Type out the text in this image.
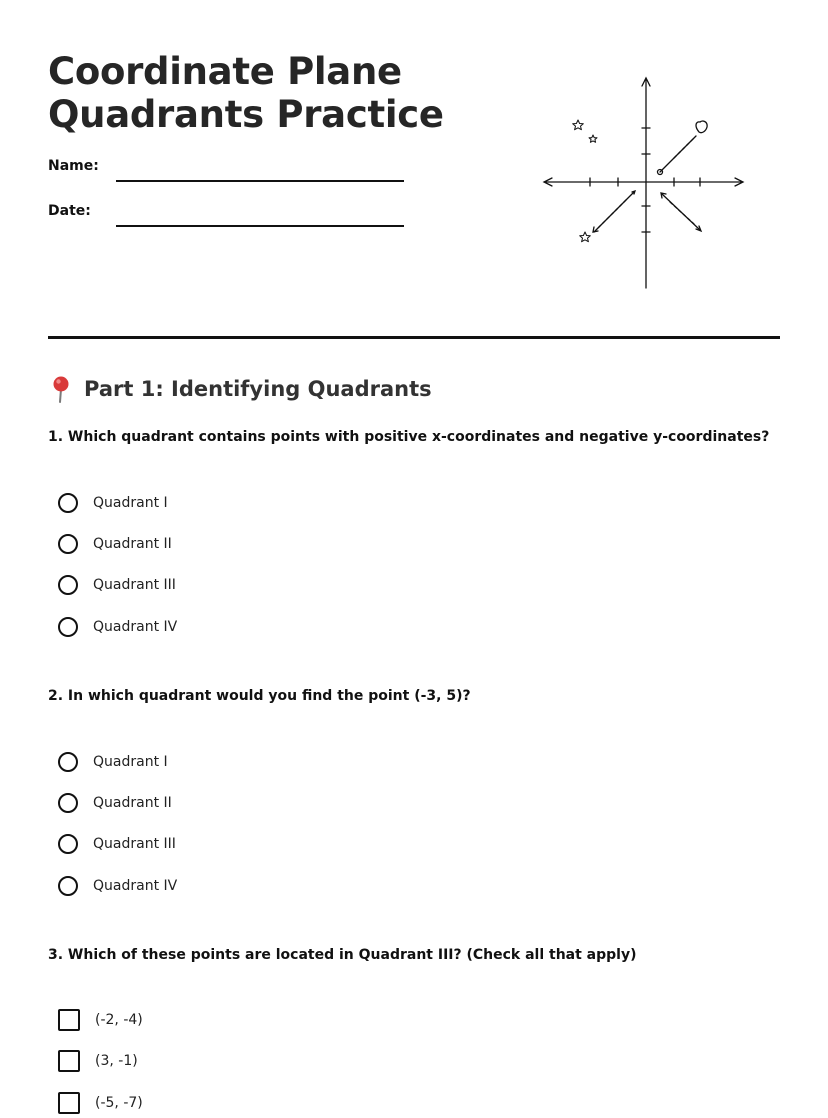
Coordinate Plane Quadrants Practice
Name:
Date:
Part 1: Identifying Quadrants

1. Which quadrant contains points with positive x-coordinates and negative y-coordinates?

Quadrant I
Quadrant II
Quadrant III
Quadrant IV

2. In which quadrant would you find the point (-3, 5)?

Quadrant I
Quadrant II
Quadrant III
Quadrant IV

3. Which of these points are located in Quadrant III? (Check all that apply)

(-2, -4)
(3, -1)
(-5, -7)
